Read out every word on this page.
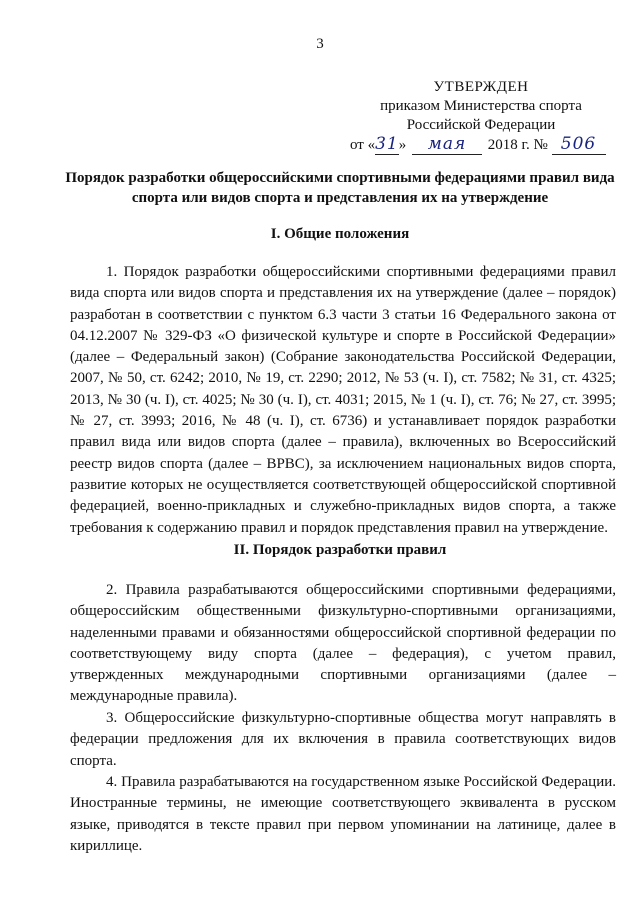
3
УТВЕРЖДЕН
приказом Министерства спорта
Российской Федерации
от «31» мая 2018 г. № 506
Порядок разработки общероссийскими спортивными федерациями правил вида спорта или видов спорта и представления их на утверждение
I. Общие положения
1. Порядок разработки общероссийскими спортивными федерациями правил вида спорта или видов спорта и представления их на утверждение (далее – порядок) разработан в соответствии с пунктом 6.3 части 3 статьи 16 Федерального закона от 04.12.2007 № 329-ФЗ «О физической культуре и спорте в Российской Федерации» (далее – Федеральный закон) (Собрание законодательства Российской Федерации, 2007, № 50, ст. 6242; 2010, № 19, ст. 2290; 2012, № 53 (ч. I), ст. 7582; № 31, ст. 4325; 2013, № 30 (ч. I), ст. 4025; № 30 (ч. I), ст. 4031; 2015, № 1 (ч. I), ст. 76; № 27, ст. 3995; № 27, ст. 3993; 2016, № 48 (ч. I), ст. 6736) и устанавливает порядок разработки правил вида или видов спорта (далее – правила), включенных во Всероссийский реестр видов спорта (далее – ВРВС), за исключением национальных видов спорта, развитие которых не осуществляется соответствующей общероссийской спортивной федерацией, военно-прикладных и служебно-прикладных видов спорта, а также требования к содержанию правил и порядок представления правил на утверждение.
II. Порядок разработки правил
2. Правила разрабатываются общероссийскими спортивными федерациями, общероссийским общественными физкультурно-спортивными организациями, наделенными правами и обязанностями общероссийской спортивной федерации по соответствующему виду спорта (далее – федерация), с учетом правил, утвержденных международными спортивными организациями (далее – международные правила).
3. Общероссийские физкультурно-спортивные общества могут направлять в федерации предложения для их включения в правила соответствующих видов спорта.
4. Правила разрабатываются на государственном языке Российской Федерации. Иностранные термины, не имеющие соответствующего эквивалента в русском языке, приводятся в тексте правил при первом упоминании на латинице, далее в кириллице.
